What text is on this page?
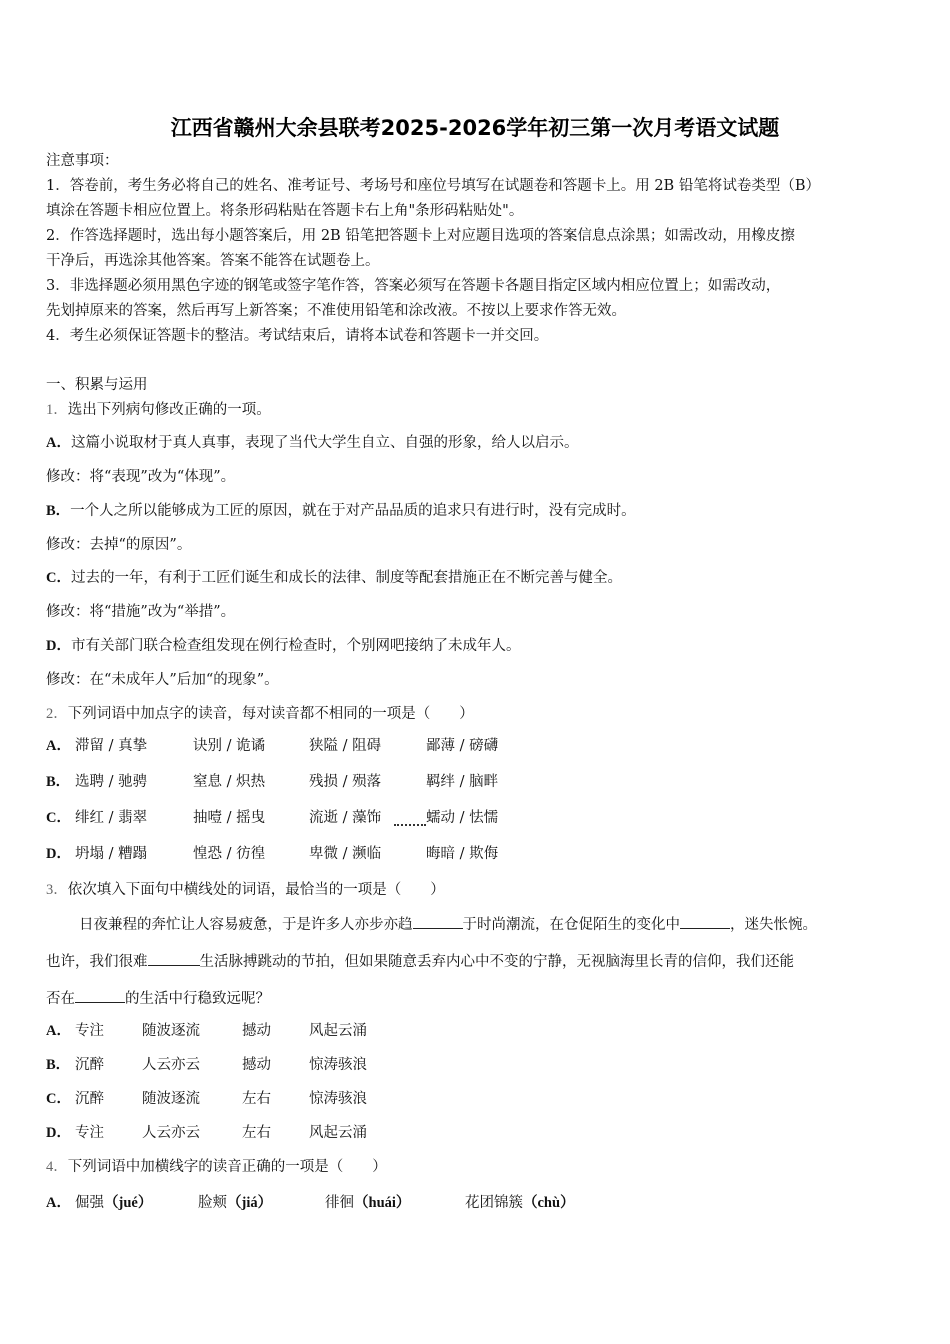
江西省赣州大余县联考2025-2026学年初三第一次月考语文试题
注意事项：
1．答卷前，考生务必将自己的姓名、准考证号、考场号和座位号填写在试题卷和答题卡上。用 2B 铅笔将试卷类型（B）
填涂在答题卡相应位置上。将条形码粘贴在答题卡右上角"条形码粘贴处"。
2．作答选择题时，选出每小题答案后，用 2B 铅笔把答题卡上对应题目选项的答案信息点涂黑；如需改动，用橡皮擦
干净后，再选涂其他答案。答案不能答在试题卷上。
3．非选择题必须用黑色字迹的钢笔或签字笔作答，答案必须写在答题卡各题目指定区域内相应位置上；如需改动，
先划掉原来的答案，然后再写上新答案；不准使用铅笔和涂改液。不按以上要求作答无效。
4．考生必须保证答题卡的整洁。考试结束后，请将本试卷和答题卡一并交回。
一、积累与运用
1．选出下列病句修改正确的一项。
A．这篇小说取材于真人真事，表现了当代大学生自立、自强的形象，给人以启示。
修改：将“表现”改为“体现”。
B．一个人之所以能够成为工匠的原因，就在于对产品品质的追求只有进行时，没有完成时。
修改：去掉“的原因”。
C．过去的一年，有利于工匠们诞生和成长的法律、制度等配套措施正在不断完善与健全。
修改：将“措施”改为“举措”。
D．市有关部门联合检查组发现在例行检查时，个别网吧接纳了未成年人。
修改：在“未成年人”后加“的现象”。
2．下列词语中加点字的读音，每对读音都不相同的一项是（　　）
A． 滞留 / 真挚	诀别 / 诡谲	狭隘 / 阻碍	鄙薄 / 磅礴
B． 选聘 / 驰骋	窒息 / 炽热	残损 / 殒落	羁绊 / 脑畔
C． 绯红 / 翡翠	抽噎 / 摇曳	流逝 / 藻饰	蠕动 / 怯懦
D． 坍塌 / 糟蹋	惶恐 / 彷徨	卑微 / 濒临	晦暗 / 欺侮
3．依次填入下面句中横线处的词语，最恰当的一项是（　　）
日夜兼程的奔忙让人容易疲惫，于是许多人亦步亦趋	于时尚潮流，在仓促陌生的变化中	，迷失怅惋。
也许，我们很难	生活脉搏跳动的节拍，但如果随意丢弃内心中不变的宁静，无视脑海里长青的信仰，我们还能
否在	的生活中行稳致远呢？
A． 专注	随波逐流	撼动	风起云涌
B． 沉醉	人云亦云	撼动	惊涛骇浪
C． 沉醉	随波逐流	左右	惊涛骇浪
D． 专注	人云亦云	左右	风起云涌
4．下列词语中加横线字的读音正确的一项是（　　）
A． 倔强（jué）	脸颊（jiá）	徘徊（huái）	花团锦簇（chù）
